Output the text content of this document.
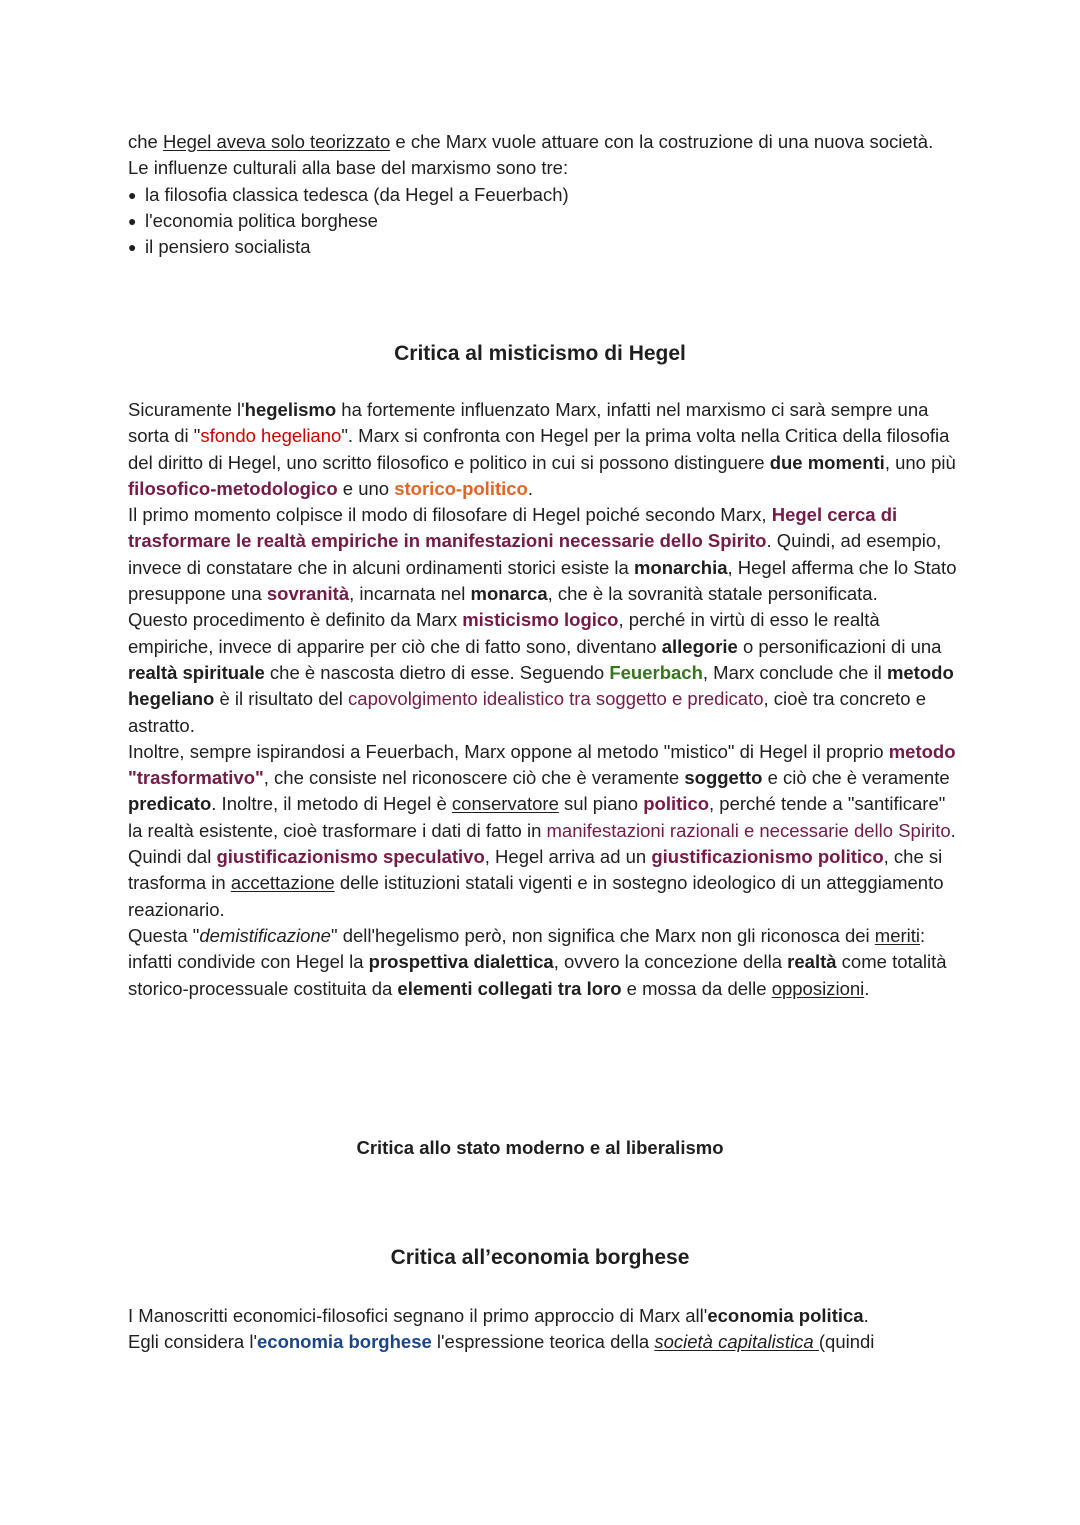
che Hegel aveva solo teorizzato e che Marx vuole attuare con la costruzione di una nuova società.

Le influenze culturali alla base del marxismo sono tre:

● la filosofia classica tedesca (da Hegel a Feuerbach)
● l'economia politica borghese
● il pensiero socialista
Critica al misticismo di Hegel

Sicuramente l'hegelismo ha fortemente influenzato Marx, infatti nel marxismo ci sarà sempre una sorta di "sfondo hegeliano". Marx si confronta con Hegel per la prima volta nella Critica della filosofia del diritto di Hegel, uno scritto filosofico e politico in cui si possono distinguere due momenti, uno più filosofico-metodologico e uno storico-politico.

Il primo momento colpisce il modo di filosofare di Hegel poiché secondo Marx, Hegel cerca di trasformare le realtà empiriche in manifestazioni necessarie dello Spirito. Quindi, ad esempio, invece di constatare che in alcuni ordinamenti storici esiste la monarchia, Hegel afferma che lo Stato presuppone una sovranità, incarnata nel monarca, che è la sovranità statale personificata.

Questo procedimento è definito da Marx misticismo logico, perché in virtù di esso le realtà empiriche, invece di apparire per ciò che di fatto sono, diventano allegorie o personificazioni di una realtà spirituale che è nascosta dietro di esse. Seguendo Feuerbach, Marx conclude che il metodo hegeliano è il risultato del capovolgimento idealistico tra soggetto e predicato, cioè tra concreto e astratto.

Inoltre, sempre ispirandosi a Feuerbach, Marx oppone al metodo "mistico" di Hegel il proprio metodo "trasformativo", che consiste nel riconoscere ciò che è veramente soggetto e ciò che è veramente predicato. Inoltre, il metodo di Hegel è conservatore sul piano politico, perché tende a "santificare" la realtà esistente, cioè trasformare i dati di fatto in manifestazioni razionali e necessarie dello Spirito. Quindi dal giustificazionismo speculativo, Hegel arriva ad un giustificazionismo politico, che si trasforma in accettazione delle istituzioni statali vigenti e in sostegno ideologico di un atteggiamento reazionario.

Questa "demistificazione" dell'hegelismo però, non significa che Marx non gli riconosca dei meriti: infatti condivide con Hegel la prospettiva dialettica, ovvero la concezione della realtà come totalità storico-processuale costituita da elementi collegati tra loro e mossa da delle opposizioni.

Critica allo stato moderno e al liberalismo
Critica all’economia borghese

I Manoscritti economici-filosofici segnano il primo approccio di Marx all'economia politica.

Egli considera l'economia borghese l'espressione teorica della società capitalistica (quindi
